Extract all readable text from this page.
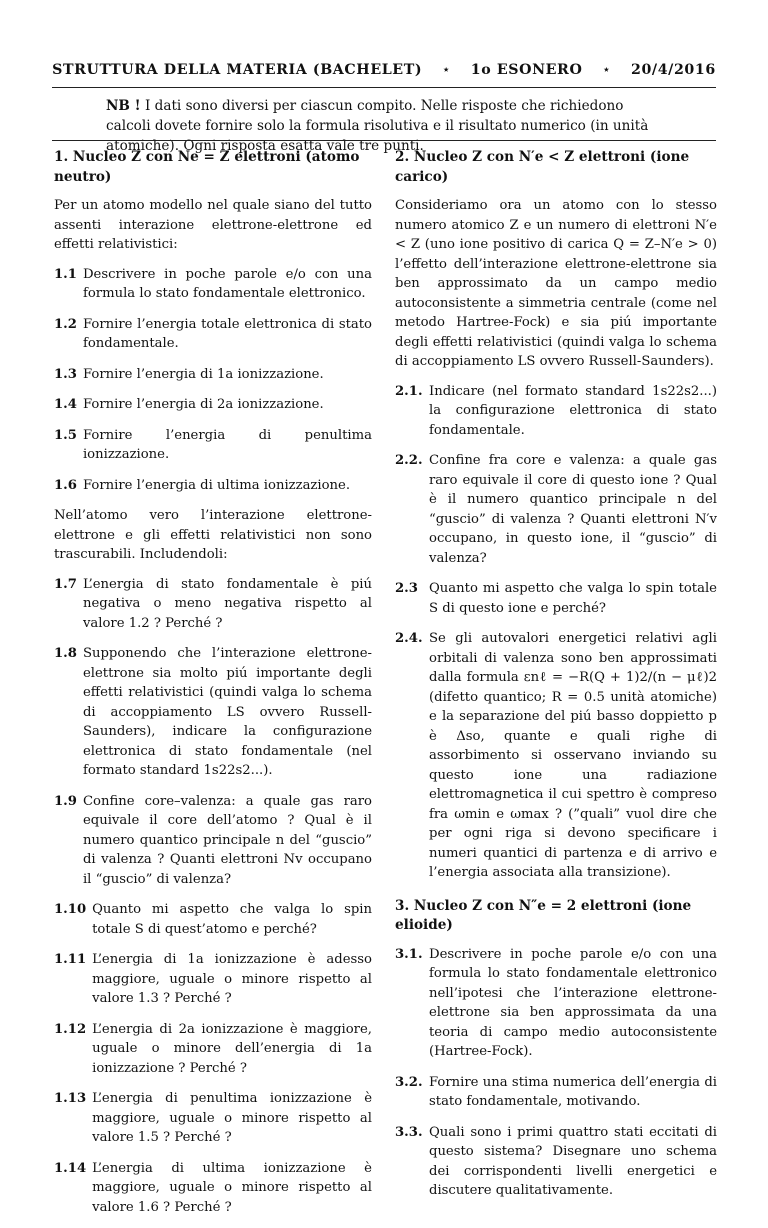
STRUTTURA DELLA MATERIA (BACHELET) ⋆ 1o ESONERO ⋆ 20/4/2016
NB ! I dati sono diversi per ciascun compito. Nelle risposte che richiedono calcoli dovete fornire solo la formula risolutiva e il risultato numerico (in unità atomiche). Ogni risposta esatta vale tre punti.
1. Nucleo Z con Ne = Z elettroni (atomo neutro)

Per un atomo modello nel quale siano del tutto assenti interazione elettrone-elettrone ed effetti relativistici:

1.1 Descrivere in poche parole e/o con una formula lo stato fondamentale elettronico.
1.2 Fornire l’energia totale elettronica di stato fondamentale.
1.3 Fornire l’energia di 1a ionizzazione.
1.4 Fornire l’energia di 2a ionizzazione.
1.5 Fornire l’energia di penultima ionizzazione.
1.6 Fornire l’energia di ultima ionizzazione.

Nell’atomo vero l’interazione elettrone-elettrone e gli effetti relativistici non sono trascurabili. Includendoli:

1.7 L’energia di stato fondamentale è piú negativa o meno negativa rispetto al valore 1.2 ? Perché ?
1.8 Supponendo che l’interazione elettrone-elettrone sia molto piú importante degli effetti relativistici (quindi valga lo schema di accoppiamento LS ovvero Russell-Saunders), indicare la configurazione elettronica di stato fondamentale (nel formato standard 1s22s2...).
1.9 Confine core–valenza: a quale gas raro equivale il core dell’atomo ? Qual è il numero quantico principale n del “guscio” di valenza ? Quanti elettroni Nv occupano il “guscio” di valenza?
1.10 Quanto mi aspetto che valga lo spin totale S di quest’atomo e perché?
1.11 L’energia di 1a ionizzazione è adesso maggiore, uguale o minore rispetto al valore 1.3 ? Perché ?
1.12 L’energia di 2a ionizzazione è maggiore, uguale o minore dell’energia di 1a ionizzazione ? Perché ?
1.13 L’energia di penultima ionizzazione è maggiore, uguale o minore rispetto al valore 1.5 ? Perché ?
1.14 L’energia di ultima ionizzazione è maggiore, uguale o minore rispetto al valore 1.6 ? Perché ?
2. Nucleo Z con N′e < Z elettroni (ione carico)

Consideriamo ora un atomo con lo stesso numero atomico Z e un numero di elettroni N′e < Z (uno ione positivo di carica Q = Z–N′e > 0) l’effetto dell’interazione elettrone-elettrone sia ben approssimato da un campo medio autoconsistente a simmetria centrale (come nel metodo Hartree-Fock) e sia piú importante degli effetti relativistici (quindi valga lo schema di accoppiamento LS ovvero Russell-Saunders).

2.1. Indicare (nel formato standard 1s22s2...) la configurazione elettronica di stato fondamentale.
2.2. Confine fra core e valenza: a quale gas raro equivale il core di questo ione ? Qual è il numero quantico principale n del “guscio” di valenza ? Quanti elettroni N′v occupano, in questo ione, il “guscio” di valenza?
2.3 Quanto mi aspetto che valga lo spin totale S di questo ione e perché?
2.4. Se gli autovalori energetici relativi agli orbitali di valenza sono ben approssimati dalla formula εnℓ = −R(Q + 1)2/(n − μℓ)2 (difetto quantico; R = 0.5 unità atomiche) e la separazione del piú basso doppietto p è Δso, quante e quali righe di assorbimento si osservano inviando su questo ione una radiazione elettromagnetica il cui spettro è compreso fra ωmin e ωmax ? (”quali” vuol dire che per ogni riga si devono specificare i numeri quantici di partenza e di arrivo e l’energia associata alla transizione).
3. Nucleo Z con N″e = 2 elettroni (ione elioide)
3.1. Descrivere in poche parole e/o con una formula lo stato fondamentale elettronico nell’ipotesi che l’interazione elettrone-elettrone sia ben approssimata da una teoria di campo medio autoconsistente (Hartree-Fock).
3.2. Fornire una stima numerica dell’energia di stato fondamentale, motivando.
3.3. Quali sono i primi quattro stati eccitati di questo sistema? Disegnare uno schema dei corrispondenti livelli energetici e discutere qualitativamente.
